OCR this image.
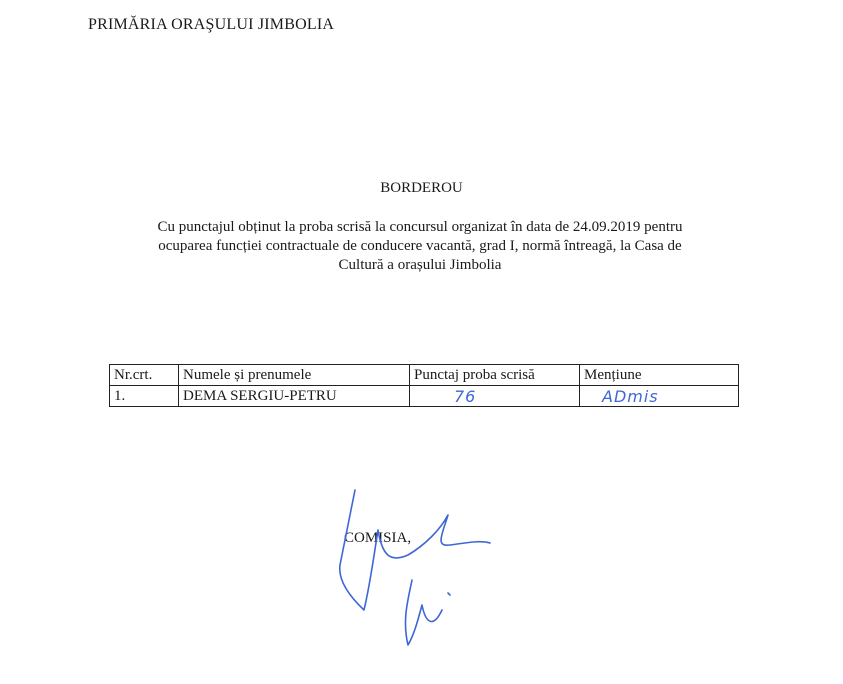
PRIMĂRIA ORAŞULUI JIMBOLIA
BORDEROU
Cu punctajul obținut la proba scrisă la concursul organizat în data de 24.09.2019 pentru
ocuparea funcției contractuale de conducere vacantă, grad I, normă întreagă, la Casa de
Cultură a orașului Jimbolia
Nr.crt.	Numele și prenumele	Punctaj proba scrisă	Mențiune
1.	DEMA SERGIU-PETRU	76	ADmis
COMISIA,
